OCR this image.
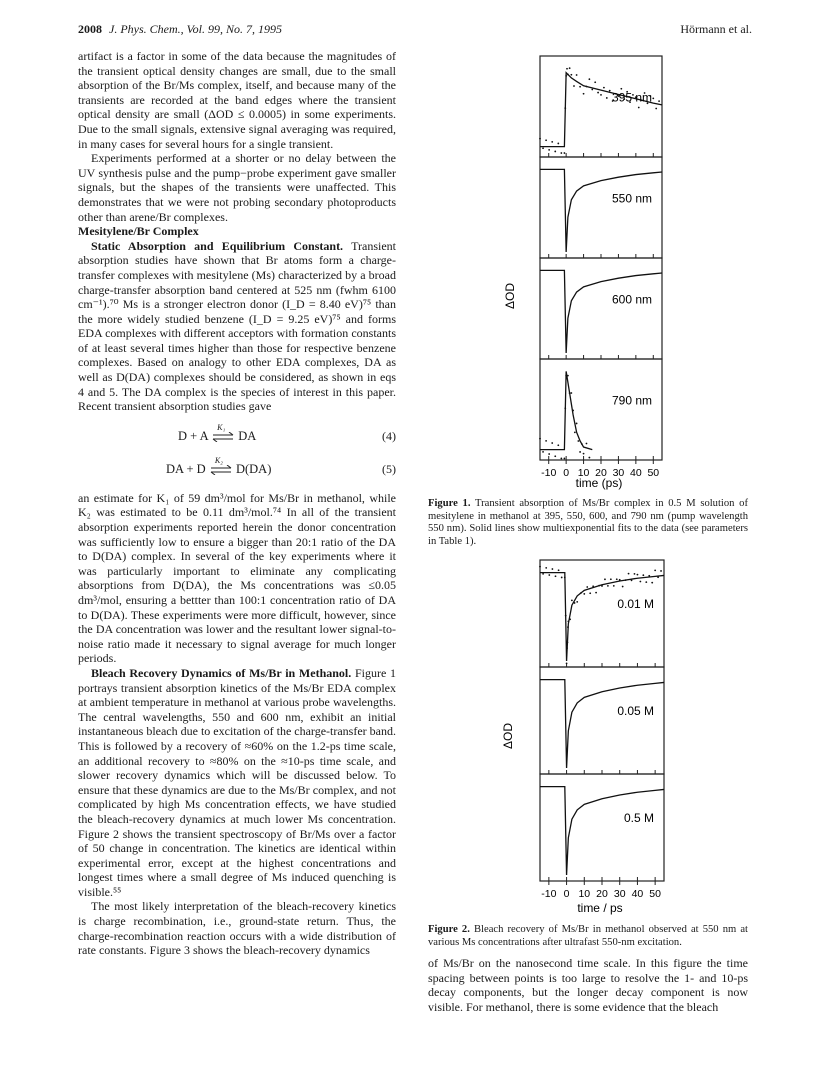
2008 J. Phys. Chem., Vol. 99, No. 7, 1995	Hörmann et al.

artifact is a factor in some of the data because the magnitudes of the transient optical density changes are small, due to the small absorption of the Br/Ms complex, itself, and because many of the transients are recorded at the band edges where the transient optical density are small (ΔOD ≤ 0.0005) in some experiments. Due to the small signals, extensive signal averaging was required, in many cases for several hours for a single transient.

Experiments performed at a shorter or no delay between the UV synthesis pulse and the pump−probe experiment gave smaller signals, but the shapes of the transients were unaffected. This demonstrates that we were not probing secondary photoproducts other than arene/Br complexes.

Mesitylene/Br Complex

Static Absorption and Equilibrium Constant. Transient absorption studies have shown that Br atoms form a charge-transfer complexes with mesitylene (Ms) characterized by a broad charge-transfer absorption band centered at 525 nm (fwhm 6100 cm⁻¹).⁷⁰ Ms is a stronger electron donor (I_D = 8.40 eV)⁷⁵ than the more widely studied benzene (I_D = 9.25 eV)⁷⁵ and forms EDA complexes with different acceptors with formation constants of at least several times higher than those for respective benzene complexes. Based on analogy to other EDA complexes, DA as well as D(DA) complexes should be considered, as shown in eqs 4 and 5. The DA complex is the species of interest in this paper. Recent transient absorption studies gave

D + A
K₁
DA	(4)
DA + D
K₂
D(DA)	(5)

an estimate for K₁ of 59 dm³/mol for Ms/Br in methanol, while K₂ was estimated to be 0.11 dm³/mol.⁷⁴ In all of the transient absorption experiments reported herein the donor concentration was sufficiently low to ensure a bigger than 20:1 ratio of the DA to D(DA) complex. In several of the key experiments where it was particularly important to eliminate any complicating absorptions from D(DA), the Ms concentrations was ≤0.05 dm³/mol, ensuring a bettter than 100:1 concentration ratio of DA to D(DA). These experiments were more difficult, however, since the DA concentration was lower and the resultant lower signal-to-noise ratio made it necessary to signal average for much longer periods.

Bleach Recovery Dynamics of Ms/Br in Methanol. Figure 1 portrays transient absorption kinetics of the Ms/Br EDA complex at ambient temperature in methanol at various probe wavelengths. The central wavelengths, 550 and 600 nm, exhibit an initial instantaneous bleach due to excitation of the charge-transfer band. This is followed by a recovery of ≈60% on the 1.2-ps time scale, an additional recovery to ≈80% on the ≈10-ps time scale, and slower recovery dynamics which will be discussed below. To ensure that these dynamics are due to the Ms/Br complex, and not complicated by high Ms concentration effects, we have studied the bleach-recovery dynamics at much lower Ms concentration. Figure 2 shows the transient spectroscopy of Br/Ms over a factor of 50 change in concentration. The kinetics are identical within experimental error, except at the highest concentrations and longest times where a small degree of Ms induced quenching is visible.⁵⁵

The most likely interpretation of the bleach-recovery kinetics is charge recombination, i.e., ground-state return. Thus, the charge-recombination reaction occurs with a wide distribution of rate constants. Figure 3 shows the bleach-recovery dynamics

ΔOD
395 nm
550 nm
600 nm
790 nm
-10 0 10 20 30 40 50
time (ps)
Figure 1. Transient absorption of Ms/Br complex in 0.5 M solution of mesitylene in methanol at 395, 550, 600, and 790 nm (pump wavelength 550 nm). Solid lines show multiexponential fits to the data (see parameters in Table 1).
ΔOD
0.01 M
0.05 M
0.5 M
-10 0 10 20 30 40 50
time / ps
Figure 2. Bleach recovery of Ms/Br in methanol observed at 550 nm at various Ms concentrations after ultrafast 550-nm excitation.

of Ms/Br on the nanosecond time scale. In this figure the time spacing between points is too large to resolve the 1- and 10-ps decay components, but the longer decay component is now visible. For methanol, there is some evidence that the bleach
